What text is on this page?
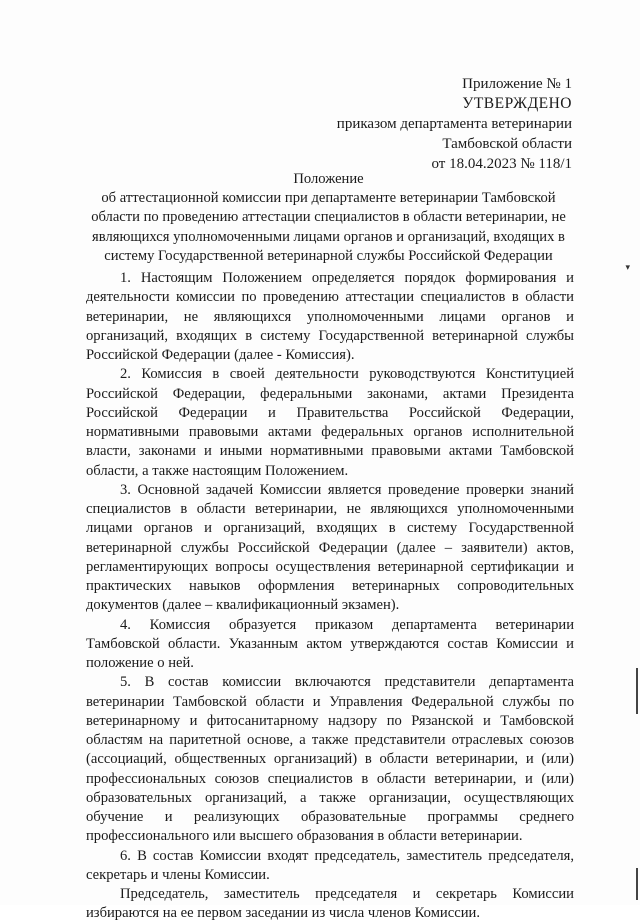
Приложение № 1
УТВЕРЖДЕНО
приказом департамента ветеринарии
Тамбовской области
от 18.04.2023 № 118/1
Положение
об аттестационной комиссии при департаменте ветеринарии Тамбовской области по проведению аттестации специалистов в области ветеринарии, не являющихся уполномоченными лицами органов и организаций, входящих в систему Государственной ветеринарной службы Российской Федерации
▾

1. Настоящим Положением определяется порядок формирования и деятельности комиссии по проведению аттестации специалистов в области ветеринарии, не являющихся уполномоченными лицами органов и организаций, входящих в систему Государственной ветеринарной службы Российской Федерации (далее - Комиссия).

2. Комиссия в своей деятельности руководствуются Конституцией Российской Федерации, федеральными законами, актами Президента Российской Федерации и Правительства Российской Федерации, нормативными правовыми актами федеральных органов исполнительной власти, законами и иными нормативными правовыми актами Тамбовской области, а также настоящим Положением.

3. Основной задачей Комиссии является проведение проверки знаний специалистов в области ветеринарии, не являющихся уполномоченными лицами органов и организаций, входящих в систему Государственной ветеринарной службы Российской Федерации (далее – заявители) актов, регламентирующих вопросы осуществления ветеринарной сертификации и практических навыков оформления ветеринарных сопроводительных документов (далее – квалификационный экзамен).

4. Комиссия образуется приказом департамента ветеринарии Тамбовской области. Указанным актом утверждаются состав Комиссии и положение о ней.

5. В состав комиссии включаются представители департамента ветеринарии Тамбовской области и Управления Федеральной службы по ветеринарному и фитосанитарному надзору по Рязанской и Тамбовской областям на паритетной основе, а также представители отраслевых союзов (ассоциаций, общественных организаций) в области ветеринарии, и (или) профессиональных союзов специалистов в области ветеринарии, и (или) образовательных организаций, а также организации, осуществляющих обучение и реализующих образовательные программы среднего профессионального или высшего образования в области ветеринарии.

6. В состав Комиссии входят председатель, заместитель председателя, секретарь и члены Комиссии.

Председатель, заместитель председателя и секретарь Комиссии избираются на ее первом заседании из числа членов Комиссии.
